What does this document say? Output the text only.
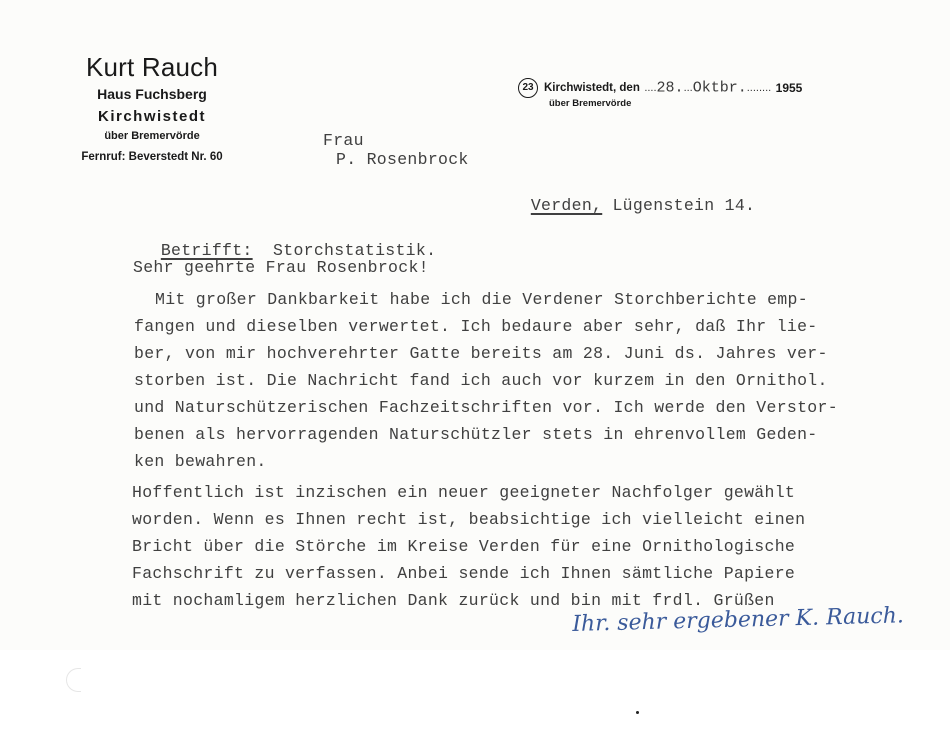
Kurt Rauch
Haus Fuchsberg
Kirchwistedt
über Bremervörde
Fernruf: Beverstedt Nr. 60
23 Kirchwistedt, den ....28....Oktbr......... 1955
über Bremervörde
Frau
P. Rosenbrock

Verden, Lügenstein 14.

Betrifft: Storchstatistik.

Sehr geehrte Frau Rosenbrock!
Mit großer Dankbarkeit habe ich die Verdener Storchberichte emp-
fangen und dieselben verwertet. Ich bedaure aber sehr, daß Ihr lie-
ber, von mir hochverehrter Gatte bereits am 28. Juni ds. Jahres ver-
storben ist. Die Nachricht fand ich auch vor kurzem in den Ornithol.
und Naturschützerischen Fachzeitschriften vor. Ich werde den Verstor-
benen als hervorragenden Naturschützler stets in ehrenvollem Geden-
ken bewahren.
Hoffentlich ist inzischen ein neuer geeigneter Nachfolger gewählt
worden. Wenn es Ihnen recht ist, beabsichtige ich vielleicht einen
Bricht über die Störche im Kreise Verden für eine Ornithologische
Fachschrift zu verfassen. Anbei sende ich Ihnen sämtliche Papiere
mit nochamligem herzlichen Dank zurück und bin mit frdl. Grüßen
Ihr. sehr ergebener K. Rauch.
